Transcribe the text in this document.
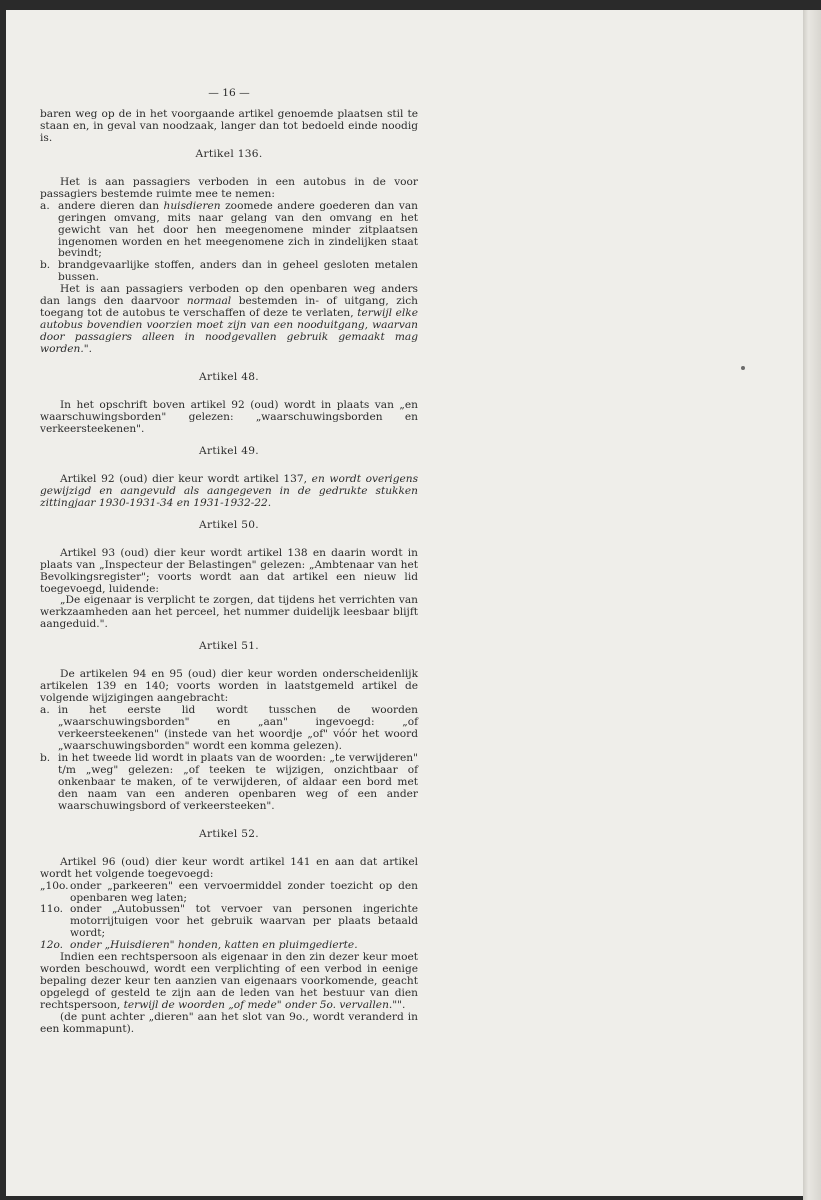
— 16 —

baren weg op de in het voorgaande artikel genoemde plaatsen stil te staan en, in geval van noodzaak, langer dan tot bedoeld einde noodig is.

Artikel 136.

Het is aan passagiers verboden in een autobus in de voor passagiers bestemde ruimte mee te nemen:

a. andere dieren dan huisdieren zoomede andere goederen dan van geringen omvang, mits naar gelang van den omvang en het gewicht van het door hen meegenomene minder zitplaatsen ingenomen worden en het meegenomene zich in zindelijken staat bevindt;
b. brandgevaarlijke stoffen, anders dan in geheel gesloten metalen bussen.

Het is aan passagiers verboden op den openbaren weg anders dan langs den daarvoor normaal bestemden in- of uitgang, zich toegang tot de autobus te verschaffen of deze te verlaten, terwijl elke autobus bovendien voorzien moet zijn van een nooduitgang, waarvan door passagiers alleen in noodgevallen gebruik gemaakt mag worden.".

Artikel 48.

In het opschrift boven artikel 92 (oud) wordt in plaats van „en waarschuwingsborden" gelezen: „waarschuwingsborden en verkeersteekenen".

Artikel 49.

Artikel 92 (oud) dier keur wordt artikel 137, en wordt overigens gewijzigd en aangevuld als aangegeven in de gedrukte stukken zittingjaar 1930-1931-34 en 1931-1932-22.

Artikel 50.

Artikel 93 (oud) dier keur wordt artikel 138 en daarin wordt in plaats van „Inspecteur der Belastingen" gelezen: „Ambtenaar van het Bevolkingsregister"; voorts wordt aan dat artikel een nieuw lid toegevoegd, luidende:

„De eigenaar is verplicht te zorgen, dat tijdens het verrichten van werkzaamheden aan het perceel, het nummer duidelijk leesbaar blijft aangeduid.".

Artikel 51.

De artikelen 94 en 95 (oud) dier keur worden onderscheidenlijk artikelen 139 en 140; voorts worden in laatstgemeld artikel de volgende wijzigingen aangebracht:

a. in het eerste lid wordt tusschen de woorden „waarschuwingsborden" en „aan" ingevoegd: „of verkeersteekenen" (instede van het woordje „of" vóór het woord „waarschuwingsborden" wordt een komma gelezen).
b. in het tweede lid wordt in plaats van de woorden: „te verwijderen" t/m „weg" gelezen: „of teeken te wijzigen, onzichtbaar of onkenbaar te maken, of te verwijderen, of aldaar een bord met den naam van een anderen openbaren weg of een ander waarschuwingsbord of verkeersteeken".

Artikel 52.

Artikel 96 (oud) dier keur wordt artikel 141 en aan dat artikel wordt het volgende toegevoegd:

„10o. onder „parkeeren" een vervoermiddel zonder toezicht op den openbaren weg laten;
11o. onder „Autobussen" tot vervoer van personen ingerichte motorrijtuigen voor het gebruik waarvan per plaats betaald wordt;
12o. onder „Huisdieren" honden, katten en pluimgedierte.

Indien een rechtspersoon als eigenaar in den zin dezer keur moet worden beschouwd, wordt een verplichting of een verbod in eenige bepaling dezer keur ten aanzien van eigenaars voorkomende, geacht opgelegd of gesteld te zijn aan de leden van het bestuur van dien rechtspersoon, terwijl de woorden „of mede" onder 5o. vervallen."".

(de punt achter „dieren" aan het slot van 9o., wordt veranderd in een kommapunt).
